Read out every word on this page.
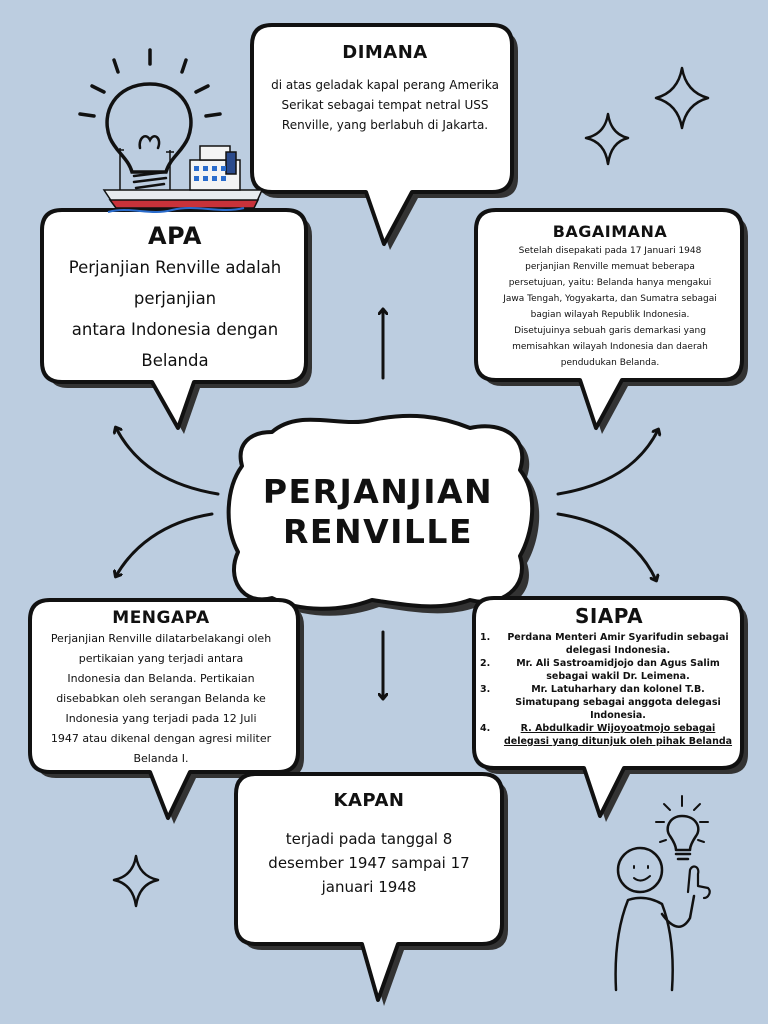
DIMANA

di atas geladak kapal perang Amerika

Serikat sebagai tempat netral USS

Renville, yang berlabuh di Jakarta.

APA

Perjanjian Renville adalah

perjanjian

antara Indonesia dengan

Belanda

BAGAIMANA

Setelah disepakati pada 17 Januari 1948

perjanjian Renville memuat beberapa

persetujuan, yaitu: Belanda hanya mengakui

Jawa Tengah, Yogyakarta, dan Sumatra sebagai

bagian wilayah Republik Indonesia.

Disetujuinya sebuah garis demarkasi yang

memisahkan wilayah Indonesia dan daerah

pendudukan Belanda.

PERJANJIAN

RENVILLE

MENGAPA

Perjanjian Renville dilatarbelakangi oleh

pertikaian yang terjadi antara

Indonesia dan Belanda. Pertikaian

disebabkan oleh serangan Belanda ke

Indonesia yang terjadi pada 12 Juli

1947 atau dikenal dengan agresi militer

Belanda I.

SIAPA

1.	Perdana Menteri Amir Syarifudin sebagai delegasi Indonesia.
2.	Mr. Ali Sastroamidjojo dan Agus Salim sebagai wakil Dr. Leimena.
3.	Mr. Latuharhary dan kolonel T.B. Simatupang sebagai anggota delegasi Indonesia.
4.	R. Abdulkadir Wijoyoatmojo sebagai delegasi yang ditunjuk oleh pihak Belanda

KAPAN

terjadi pada tanggal 8

desember 1947 sampai 17

januari 1948
